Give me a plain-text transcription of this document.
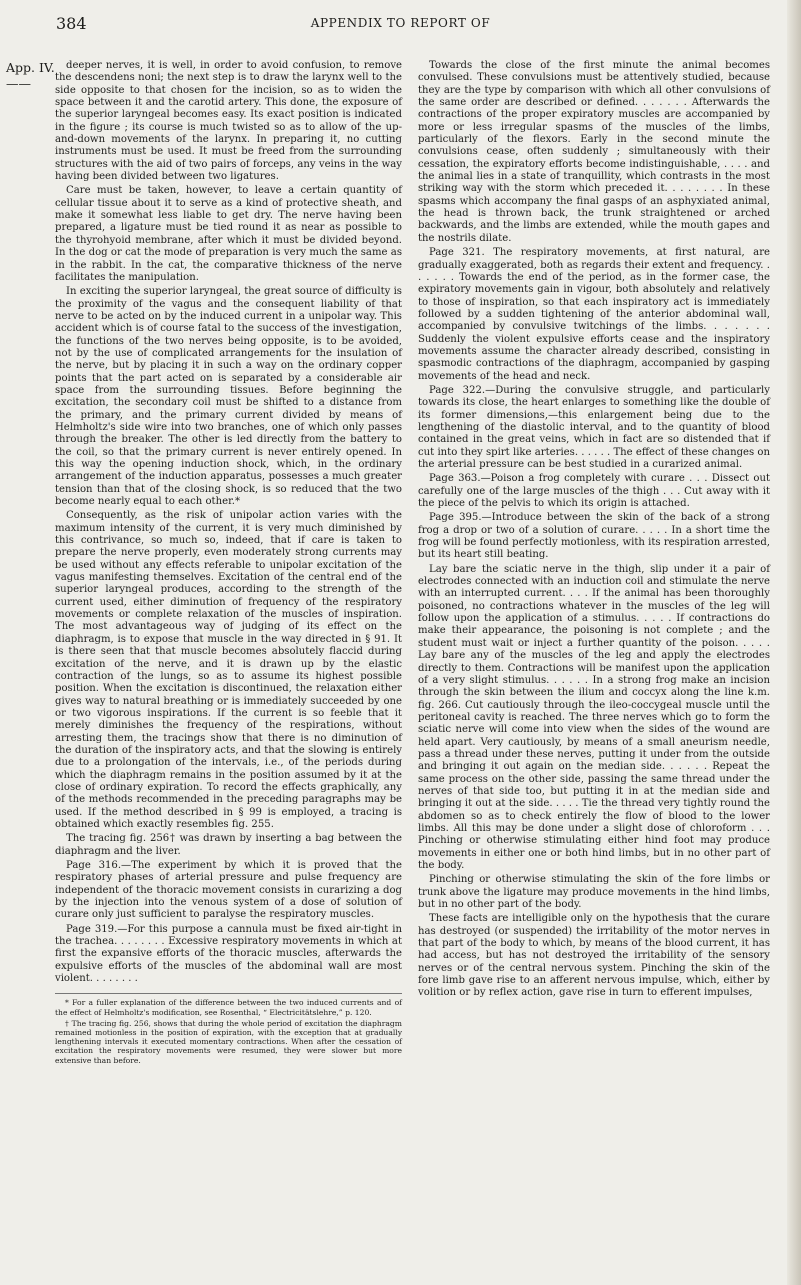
384	APPENDIX TO REPORT OF
App. IV.
——

deeper nerves, it is well, in order to avoid confusion, to remove the descendens noni; the next step is to draw the larynx well to the side opposite to that chosen for the incision, so as to widen the space between it and the carotid artery. This done, the exposure of the superior laryngeal becomes easy. Its exact position is indicated in the figure ; its course is much twisted so as to allow of the up-and-down movements of the larynx. In preparing it, no cutting instruments must be used. It must be freed from the surrounding structures with the aid of two pairs of forceps, any veins in the way having been divided between two ligatures.

Care must be taken, however, to leave a certain quantity of cellular tissue about it to serve as a kind of protective sheath, and make it somewhat less liable to get dry. The nerve having been prepared, a ligature must be tied round it as near as possible to the thyrohyoid membrane, after which it must be divided beyond. In the dog or cat the mode of preparation is very much the same as in the rabbit. In the cat, the comparative thickness of the nerve facilitates the manipulation.

In exciting the superior laryngeal, the great source of difficulty is the proximity of the vagus and the consequent liability of that nerve to be acted on by the induced current in a unipolar way. This accident which is of course fatal to the success of the investigation, the functions of the two nerves being opposite, is to be avoided, not by the use of complicated arrangements for the insulation of the nerve, but by placing it in such a way on the ordinary copper points that the part acted on is separated by a considerable air space from the surrounding tissues. Before beginning the excitation, the secondary coil must be shifted to a distance from the primary, and the primary current divided by means of Helmholtz's side wire into two branches, one of which only passes through the breaker. The other is led directly from the battery to the coil, so that the primary current is never entirely opened. In this way the opening induction shock, which, in the ordinary arrangement of the induction apparatus, possesses a much greater tension than that of the closing shock, is so reduced that the two become nearly equal to each other.*

Consequently, as the risk of unipolar action varies with the maximum intensity of the current, it is very much diminished by this contrivance, so much so, indeed, that if care is taken to prepare the nerve properly, even moderately strong currents may be used without any effects referable to unipolar excitation of the vagus manifesting themselves. Excitation of the central end of the superior laryngeal produces, according to the strength of the current used, either diminution of frequency of the respiratory movements or complete relaxation of the muscles of inspiration. The most advantageous way of judging of its effect on the diaphragm, is to expose that muscle in the way directed in § 91. It is there seen that that muscle becomes absolutely flaccid during excitation of the nerve, and it is drawn up by the elastic contraction of the lungs, so as to assume its highest possible position. When the excitation is discontinued, the relaxation either gives way to natural breathing or is immediately succeeded by one or two vigorous inspirations. If the current is so feeble that it merely diminishes the frequency of the respirations, without arresting them, the tracings show that there is no diminution of the duration of the inspiratory acts, and that the slowing is entirely due to a prolongation of the intervals, i.e., of the periods during which the diaphragm remains in the position assumed by it at the close of ordinary expiration. To record the effects graphically, any of the methods recommended in the preceding paragraphs may be used. If the method described in § 99 is employed, a tracing is obtained which exactly resembles fig. 255.

The tracing fig. 256† was drawn by inserting a bag between the diaphragm and the liver.

Page 316.—The experiment by which it is proved that the respiratory phases of arterial pressure and pulse frequency are independent of the thoracic movement consists in curarizing a dog by the injection into the venous system of a dose of solution of curare only just sufficient to paralyse the respiratory muscles.

Page 319.—For this purpose a cannula must be fixed air-tight in the trachea. . . . . . . . Excessive respiratory movements in which at first the expansive efforts of the thoracic muscles, afterwards the expulsive efforts of the muscles of the abdominal wall are most violent. . . . . . . .

* For a fuller explanation of the difference between the two induced currents and of the effect of Helmholtz's modification, see Rosenthal, “ Electricitätslehre,” p. 120.

† The tracing fig. 256, shows that during the whole period of excitation the diaphragm remained motionless in the position of expiration, with the exception that at gradually lengthening intervals it executed momentary contractions. When after the cessation of excitation the respiratory movements were resumed, they were slower but more extensive than before.

Towards the close of the first minute the animal becomes convulsed. These convulsions must be attentively studied, because they are the type by comparison with which all other convulsions of the same order are described or defined. . . . . . . Afterwards the contractions of the proper expiratory muscles are accompanied by more or less irregular spasms of the muscles of the limbs, particularly of the flexors. Early in the second minute the convulsions cease, often suddenly ; simultaneously with their cessation, the expiratory efforts become indistinguishable, . . . . and the animal lies in a state of tranquillity, which contrasts in the most striking way with the storm which preceded it. . . . . . . . In these spasms which accompany the final gasps of an asphyxiated animal, the head is thrown back, the trunk straightened or arched backwards, and the limbs are extended, while the mouth gapes and the nostrils dilate.

Page 321. The respiratory movements, at first natural, are gradually exaggerated, both as regards their extent and frequency. . . . . . . Towards the end of the period, as in the former case, the expiratory movements gain in vigour, both absolutely and relatively to those of inspiration, so that each inspiratory act is immediately followed by a sudden tightening of the anterior abdominal wall, accompanied by convulsive twitchings of the limbs. . . . . . . Suddenly the violent expulsive efforts cease and the inspiratory movements assume the character already described, consisting in spasmodic contractions of the diaphragm, accompanied by gasping movements of the head and neck.

Page 322.—During the convulsive struggle, and particularly towards its close, the heart enlarges to something like the double of its former dimensions,—this enlargement being due to the lengthening of the diastolic interval, and to the quantity of blood contained in the great veins, which in fact are so distended that if cut into they spirt like arteries. . . . . . The effect of these changes on the arterial pressure can be best studied in a curarized animal.

Page 363.—Poison a frog completely with curare . . . Dissect out carefully one of the large muscles of the thigh . . . Cut away with it the piece of the pelvis to which its origin is attached.

Page 395.—Introduce between the skin of the back of a strong frog a drop or two of a solution of curare. . . . . In a short time the frog will be found perfectly motionless, with its respiration arrested, but its heart still beating.

Lay bare the sciatic nerve in the thigh, slip under it a pair of electrodes connected with an induction coil and stimulate the nerve with an interrupted current. . . . If the animal has been thoroughly poisoned, no contractions whatever in the muscles of the leg will follow upon the application of a stimulus. . . . . If contractions do make their appearance, the poisoning is not complete ; and the student must wait or inject a further quantity of the poison. . . . . Lay bare any of the muscles of the leg and apply the electrodes directly to them. Contractions will be manifest upon the application of a very slight stimulus. . . . . . In a strong frog make an incision through the skin between the ilium and coccyx along the line k.m. fig. 266. Cut cautiously through the ileo-coccygeal muscle until the peritoneal cavity is reached. The three nerves which go to form the sciatic nerve will come into view when the sides of the wound are held apart. Very cautiously, by means of a small aneurism needle, pass a thread under these nerves, putting it under from the outside and bringing it out again on the median side. . . . . . Repeat the same process on the other side, passing the same thread under the nerves of that side too, but putting it in at the median side and bringing it out at the side. . . . . Tie the thread very tightly round the abdomen so as to check entirely the flow of blood to the lower limbs. All this may be done under a slight dose of chloroform . . . Pinching or otherwise stimulating either hind foot may produce movements in either one or both hind limbs, but in no other part of the body.

Pinching or otherwise stimulating the skin of the fore limbs or trunk above the ligature may produce movements in the hind limbs, but in no other part of the body.

These facts are intelligible only on the hypothesis that the curare has destroyed (or suspended) the irritability of the motor nerves in that part of the body to which, by means of the blood current, it has had access, but has not destroyed the irritability of the sensory nerves or of the central nervous system. Pinching the skin of the fore limb gave rise to an afferent nervous impulse, which, either by volition or by reflex action, gave rise in turn to efferent impulses,
